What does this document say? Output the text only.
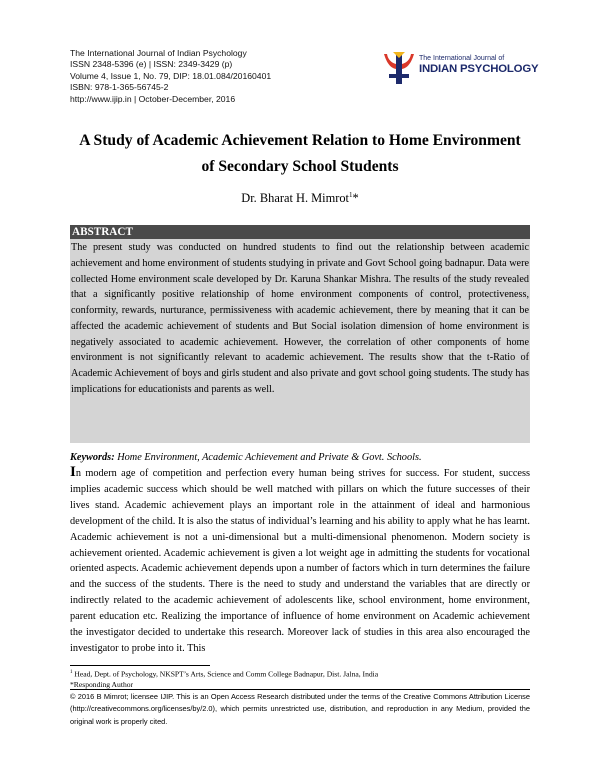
The International Journal of Indian Psychology
ISSN 2348-5396 (e) | ISSN: 2349-3429 (p)
Volume 4, Issue 1, No. 79, DIP: 18.01.084/20160401
ISBN: 978-1-365-56745-2
http://www.ijip.in | October-December, 2016
The International Journal of
INDIAN PSYCHOLOGY
A Study of Academic Achievement Relation to Home Environment
of Secondary School Students
Dr. Bharat H. Mimrot$^1$*
ABSTRACT
The present study was conducted on hundred students to find out the relationship between academic achievement and home environment of students studying in private and Govt School going badnapur. Data were collected Home environment scale developed by Dr. Karuna Shankar Mishra. The results of the study revealed that a significantly positive relationship of home environment components of control, protectiveness, conformity, rewards, nurturance, permissiveness with academic achievement, there by meaning that it can be affected the academic achievement of students and But Social isolation dimension of home environment is negatively associated to academic achievement. However, the correlation of other components of home environment is not significantly relevant to academic achievement. The results show that the t-Ratio of Academic Achievement of boys and girls student and also private and govt school going students. The study has implications for educationists and parents as well.
Keywords: Home Environment, Academic Achievement and Private & Govt. Schools.
In modern age of competition and perfection every human being strives for success. For student, success implies academic success which should be well matched with pillars on which the future successes of their lives stand. Academic achievement plays an important role in the attainment of ideal and harmonious development of the child. It is also the status of individual’s learning and his ability to apply what he has learnt. Academic achievement is not a uni-dimensional but a multi-dimensional phenomenon. Modern society is achievement oriented. Academic achievement is given a lot weight age in admitting the students for vocational oriented aspects. Academic achievement depends upon a number of factors which in turn determines the failure and the success of the students. There is the need to study and understand the variables that are directly or indirectly related to the academic achievement of adolescents like, school environment, home environment, parent education etc. Realizing the importance of influence of home environment on Academic achievement the investigator decided to undertake this research. Moreover lack of studies in this area also encouraged the investigator to probe into it. This
$^1$ Head, Dept. of Psychology, NKSPT’s Arts, Science and Comm College Badnapur, Dist. Jalna, India
*Responding Author
© 2016 B Mimrot; licensee IJIP. This is an Open Access Research distributed under the terms of the Creative Commons Attribution License (http://creativecommons.org/licenses/by/2.0), which permits unrestricted use, distribution, and reproduction in any Medium, provided the original work is properly cited.
